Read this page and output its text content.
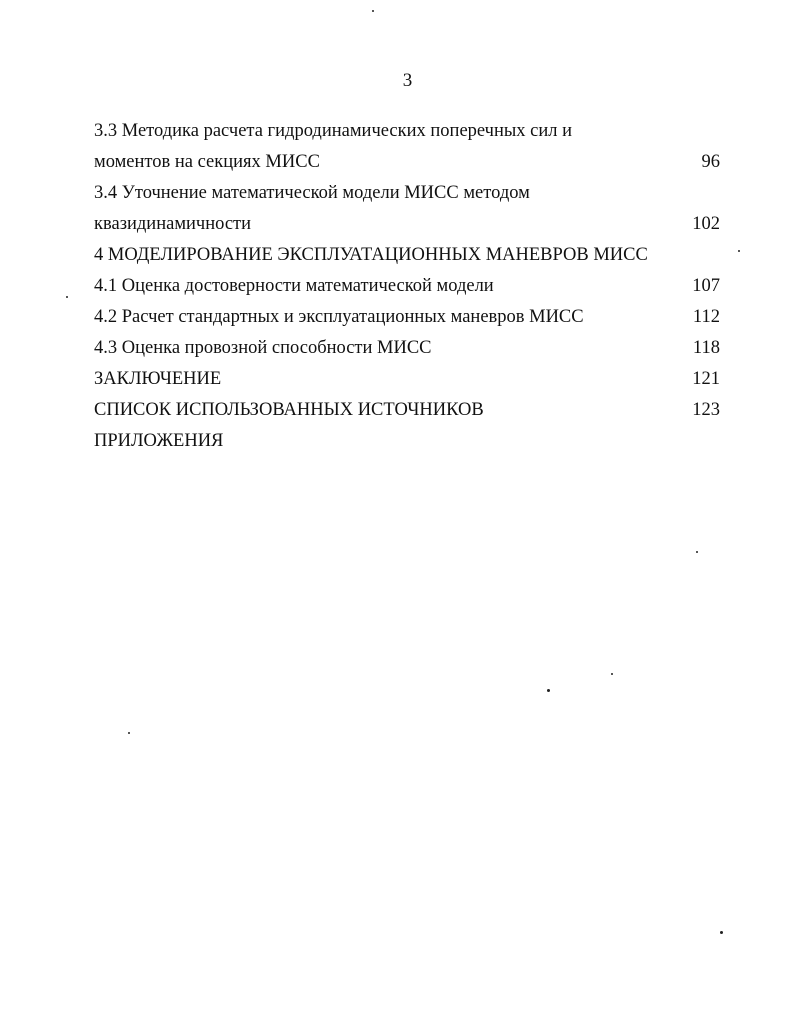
3
3.3 Методика расчета гидродинамических поперечных сил и
моментов на секциях МИСС	96
3.4 Уточнение математической модели МИСС методом
квазидинамичности	102
4 МОДЕЛИРОВАНИЕ ЭКСПЛУАТАЦИОННЫХ МАНЕВРОВ МИСС
4.1 Оценка достоверности математической модели	107
4.2 Расчет стандартных и эксплуатационных маневров МИСС	112
4.3 Оценка провозной способности МИСС	118
ЗАКЛЮЧЕНИЕ	121
СПИСОК ИСПОЛЬЗОВАННЫХ ИСТОЧНИКОВ	123
ПРИЛОЖЕНИЯ
